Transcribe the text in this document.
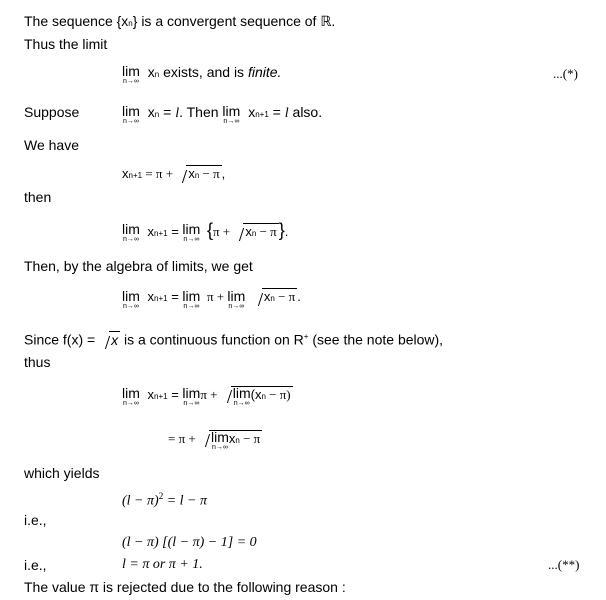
The sequence {xn} is a convergent sequence of ℝ.
Thus the limit
lim
n→∞
xn exists, and is finite.	...(*)
Suppose	lim
n→∞
xn = l. Then lim
n→∞
xn+1 = l also.
We have
xn+1 = π + xn − π ,
then
lim
n→∞
xn+1 = lim
n→∞ {π + xn − π }.
Then, by the algebra of limits, we get
lim
n→∞
xn+1 = lim
n→∞
π + lim
n→∞
xn − π .
Since f(x) = x is a continuous function on R+ (see the note below),
thus
lim
n→∞
xn+1 = lim
n→∞
π + lim
n→∞
(xn − π)
= π + lim
n→∞
xn − π
which yields
$(l - \pi)^2 = l - \pi$
i.e.,
(l − π) [(l − π) − 1] = 0
i.e.,	l = π or π + 1.	...(**)
The value π is rejected due to the following reason :
